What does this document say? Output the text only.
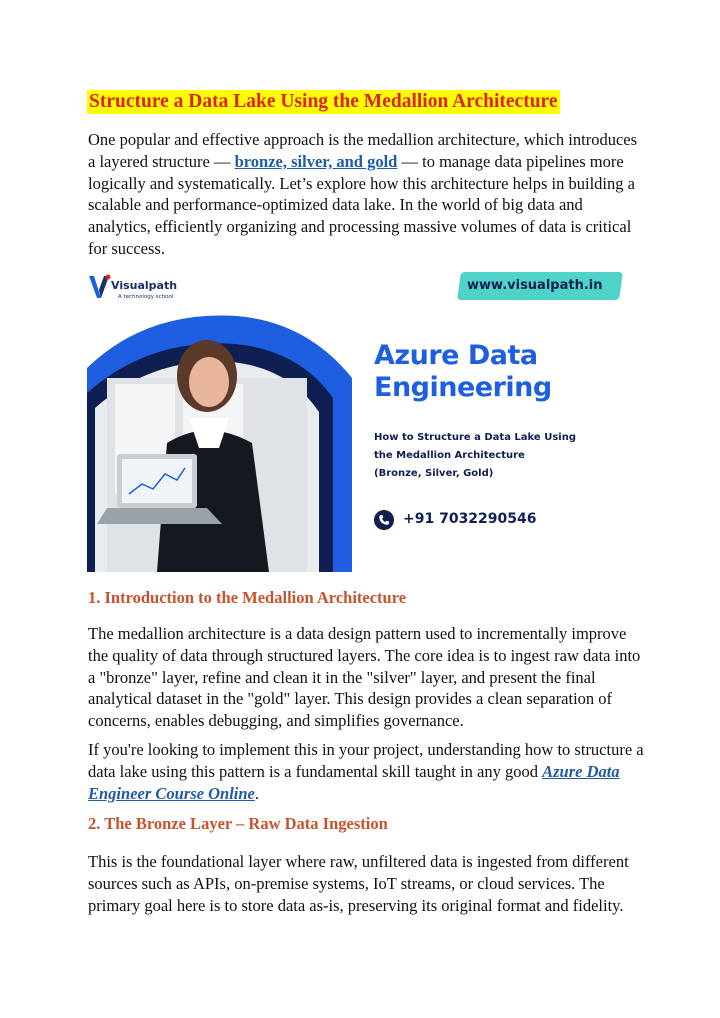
Structure a Data Lake Using the Medallion Architecture

One popular and effective approach is the medallion architecture, which introduces a layered structure — bronze, silver, and gold — to manage data pipelines more logically and systematically. Let’s explore how this architecture helps in building a scalable and performance-optimized data lake. In the world of big data and analytics, efficiently organizing and processing massive volumes of data is critical for success.

Visualpath
A technology school
www.visualpath.in
Azure Data
Engineering
How to Structure a Data Lake Using
the Medallion Architecture
(Bronze, Silver, Gold)
+91 7032290546
1. Introduction to the Medallion Architecture

The medallion architecture is a data design pattern used to incrementally improve the quality of data through structured layers. The core idea is to ingest raw data into a "bronze" layer, refine and clean it in the "silver" layer, and present the final analytical dataset in the "gold" layer. This design provides a clean separation of concerns, enables debugging, and simplifies governance.

If you're looking to implement this in your project, understanding how to structure a data lake using this pattern is a fundamental skill taught in any good Azure Data Engineer Course Online.

2. The Bronze Layer – Raw Data Ingestion

This is the foundational layer where raw, unfiltered data is ingested from different sources such as APIs, on-premise systems, IoT streams, or cloud services. The primary goal here is to store data as-is, preserving its original format and fidelity.
